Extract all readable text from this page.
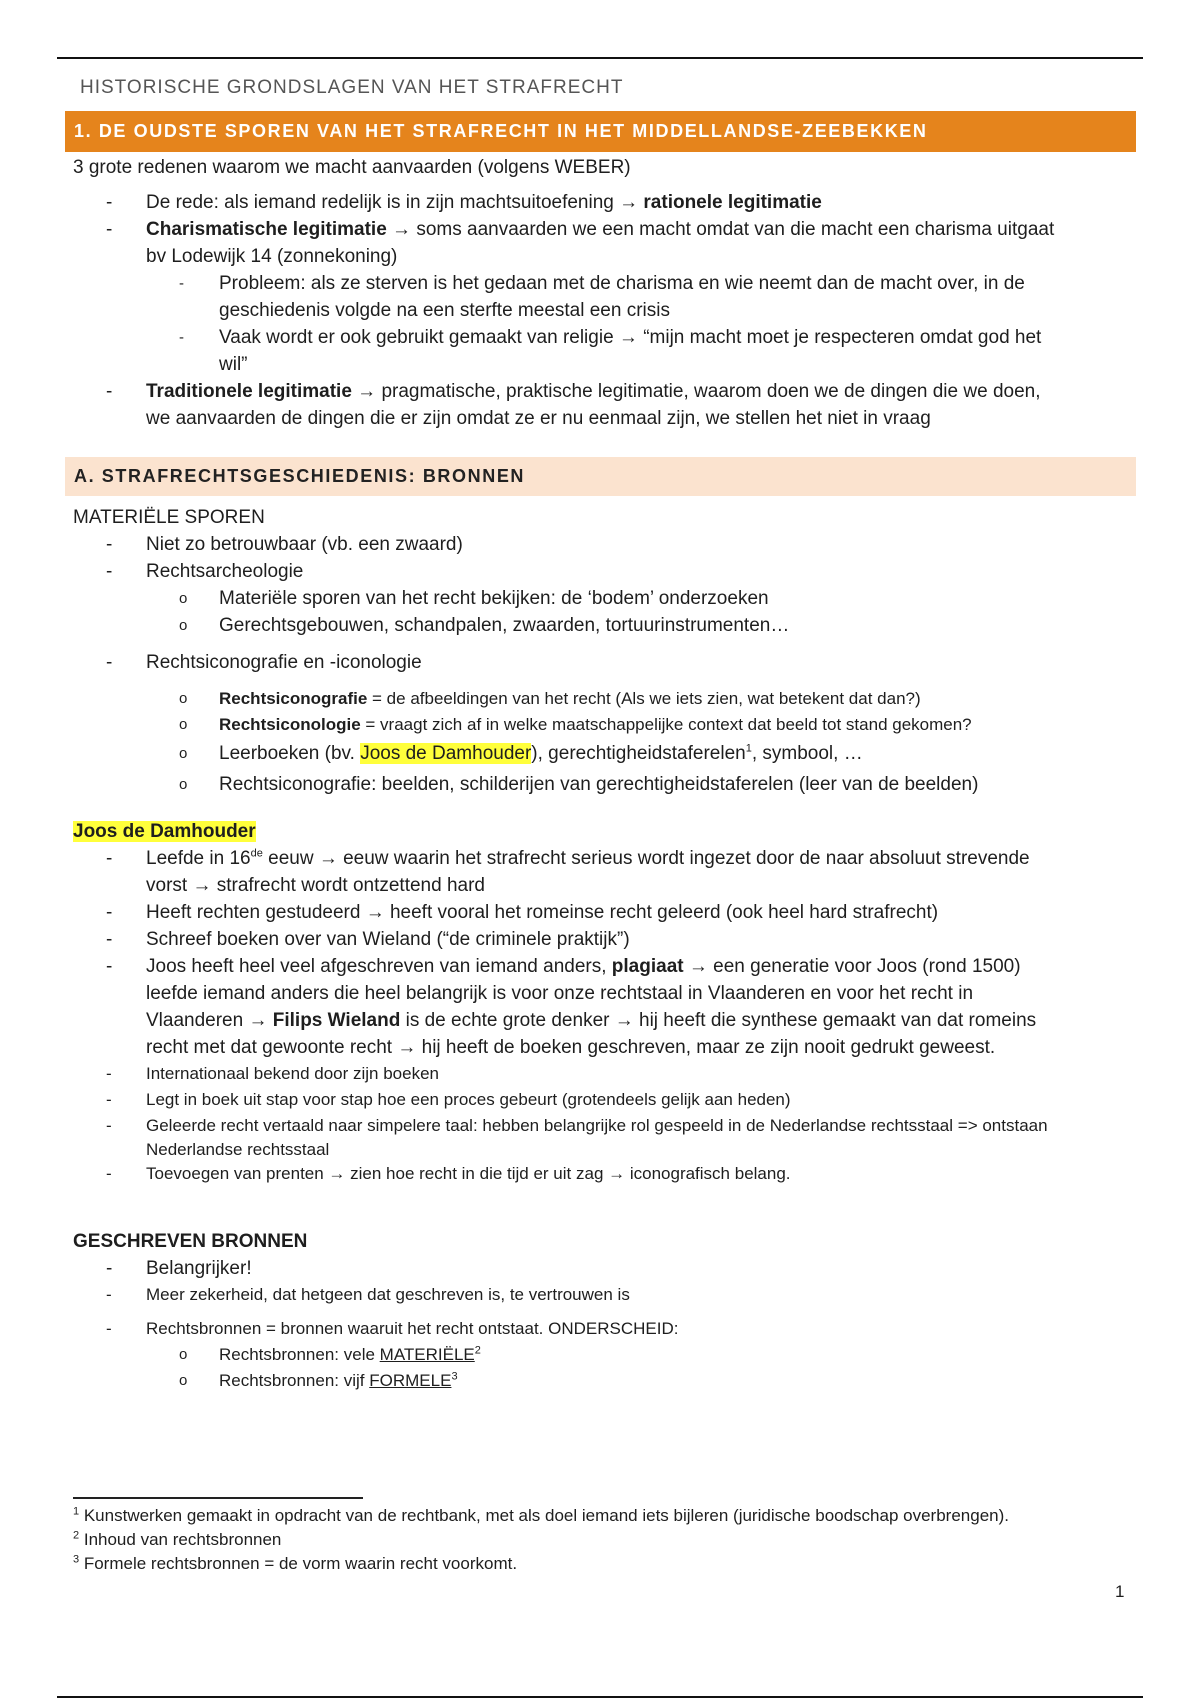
HISTORISCHE GRONDSLAGEN VAN HET STRAFRECHT
1. DE OUDSTE SPOREN VAN HET STRAFRECHT IN HET MIDDELLANDSE-ZEEBEKKEN
3 grote redenen waarom we macht aanvaarden (volgens WEBER)
- De rede: als iemand redelijk is in zijn machtsuitoefening → rationele legitimatie
- Charismatische legitimatie → soms aanvaarden we een macht omdat van die macht een charisma uitgaat
bv Lodewijk 14 (zonnekoning)
- Probleem: als ze sterven is het gedaan met de charisma en wie neemt dan de macht over, in de
geschiedenis volgde na een sterfte meestal een crisis
- Vaak wordt er ook gebruikt gemaakt van religie → “mijn macht moet je respecteren omdat god het
wil”
- Traditionele legitimatie → pragmatische, praktische legitimatie, waarom doen we de dingen die we doen,
we aanvaarden de dingen die er zijn omdat ze er nu eenmaal zijn, we stellen het niet in vraag
A. STRAFRECHTSGESCHIEDENIS: BRONNEN
MATERIËLE SPOREN
- Niet zo betrouwbaar (vb. een zwaard)
- Rechtsarcheologie
o Materiële sporen van het recht bekijken: de ‘bodem’ onderzoeken
o Gerechtsgebouwen, schandpalen, zwaarden, tortuurinstrumenten…
- Rechtsiconografie en -iconologie
o Rechtsiconografie = de afbeeldingen van het recht (Als we iets zien, wat betekent dat dan?)
o Rechtsiconologie = vraagt zich af in welke maatschappelijke context dat beeld tot stand gekomen?
o Leerboeken (bv. Joos de Damhouder), gerechtigheidstaferelen$^1$, symbool, …
o Rechtsiconografie: beelden, schilderijen van gerechtigheidstaferelen (leer van de beelden)
Joos de Damhouder
- Leefde in 16de eeuw → eeuw waarin het strafrecht serieus wordt ingezet door de naar absoluut strevende
vorst → strafrecht wordt ontzettend hard
- Heeft rechten gestudeerd → heeft vooral het romeinse recht geleerd (ook heel hard strafrecht)
- Schreef boeken over van Wieland (“de criminele praktijk”)
- Joos heeft heel veel afgeschreven van iemand anders, plagiaat → een generatie voor Joos (rond 1500)
leefde iemand anders die heel belangrijk is voor onze rechtstaal in Vlaanderen en voor het recht in
Vlaanderen → Filips Wieland is de echte grote denker → hij heeft die synthese gemaakt van dat romeins
recht met dat gewoonte recht → hij heeft de boeken geschreven, maar ze zijn nooit gedrukt geweest.
- Internationaal bekend door zijn boeken
- Legt in boek uit stap voor stap hoe een proces gebeurt (grotendeels gelijk aan heden)
- Geleerde recht vertaald naar simpelere taal: hebben belangrijke rol gespeeld in de Nederlandse rechtsstaal => ontstaan
Nederlandse rechtsstaal
- Toevoegen van prenten → zien hoe recht in die tijd er uit zag → iconografisch belang.
GESCHREVEN BRONNEN
- Belangrijker!
- Meer zekerheid, dat hetgeen dat geschreven is, te vertrouwen is
- Rechtsbronnen = bronnen waaruit het recht ontstaat. ONDERSCHEID:
o Rechtsbronnen: vele MATERIËLE$^2$
o Rechtsbronnen: vijf FORMELE$^3$
$^1$ Kunstwerken gemaakt in opdracht van de rechtbank, met als doel iemand iets bijleren (juridische boodschap overbrengen).
$^2$ Inhoud van rechtsbronnen
$^3$ Formele rechtsbronnen = de vorm waarin recht voorkomt.
1
